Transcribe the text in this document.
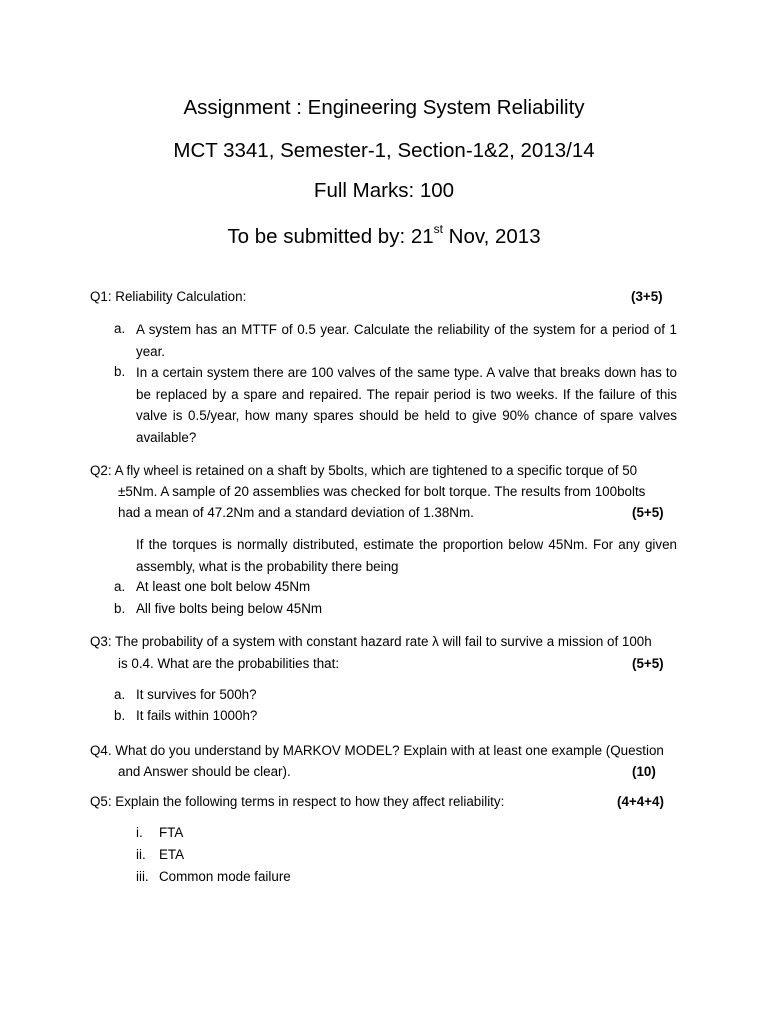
Assignment : Engineering System Reliability
MCT 3341, Semester-1, Section-1&2, 2013/14
Full Marks: 100
To be submitted by: 21st Nov, 2013
Q1: Reliability Calculation:	(3+5)
a. A system has an MTTF of 0.5 year. Calculate the reliability of the system for a period of 1 year.
b. In a certain system there are 100 valves of the same type. A valve that breaks down has to be replaced by a spare and repaired. The repair period is two weeks. If the failure of this valve is 0.5/year, how many spares should be held to give 90% chance of spare valves available?
Q2: A fly wheel is retained on a shaft by 5bolts, which are tightened to a specific torque of 50
±5Nm. A sample of 20 assemblies was checked for bolt torque. The results from 100bolts
had a mean of 47.2Nm and a standard deviation of 1.38Nm.	(5+5)
If the torques is normally distributed, estimate the proportion below 45Nm. For any given assembly, what is the probability there being
a. At least one bolt below 45Nm
b. All five bolts being below 45Nm
Q3: The probability of a system with constant hazard rate λ will fail to survive a mission of 100h
is 0.4. What are the probabilities that:	(5+5)
a. It survives for 500h?
b. It fails within 1000h?
Q4. What do you understand by MARKOV MODEL? Explain with at least one example (Question
and Answer should be clear).	(10)
Q5: Explain the following terms in respect to how they affect reliability:	(4+4+4)
i. FTA
ii. ETA
iii. Common mode failure
